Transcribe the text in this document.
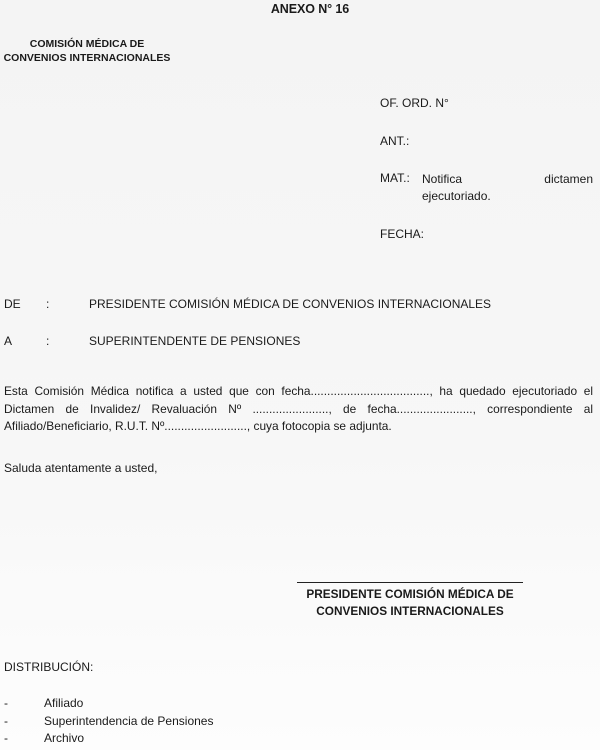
ANEXO N° 16
COMISIÓN MÉDICA DE
CONVENIOS INTERNACIONALES
OF. ORD. N°
ANT.:
MAT.: Notifica	dictamen
ejecutoriado.
FECHA:
DE :	PRESIDENTE COMISIÓN MÉDICA DE CONVENIOS INTERNACIONALES
A	:	SUPERINTENDENTE DE PENSIONES
Esta Comisión Médica notifica a usted que con fecha...................................., ha quedado ejecutoriado el
Dictamen de Invalidez/ Revaluación Nº ......................., de fecha......................., correspondiente al
Afiliado/Beneficiario, R.U.T. Nº........................., cuya fotocopia se adjunta.
Saluda atentamente a usted,
PRESIDENTE COMISIÓN MÉDICA DE
CONVENIOS INTERNACIONALES
DISTRIBUCIÓN:
-	Afiliado
-	Superintendencia de Pensiones
-	Archivo
